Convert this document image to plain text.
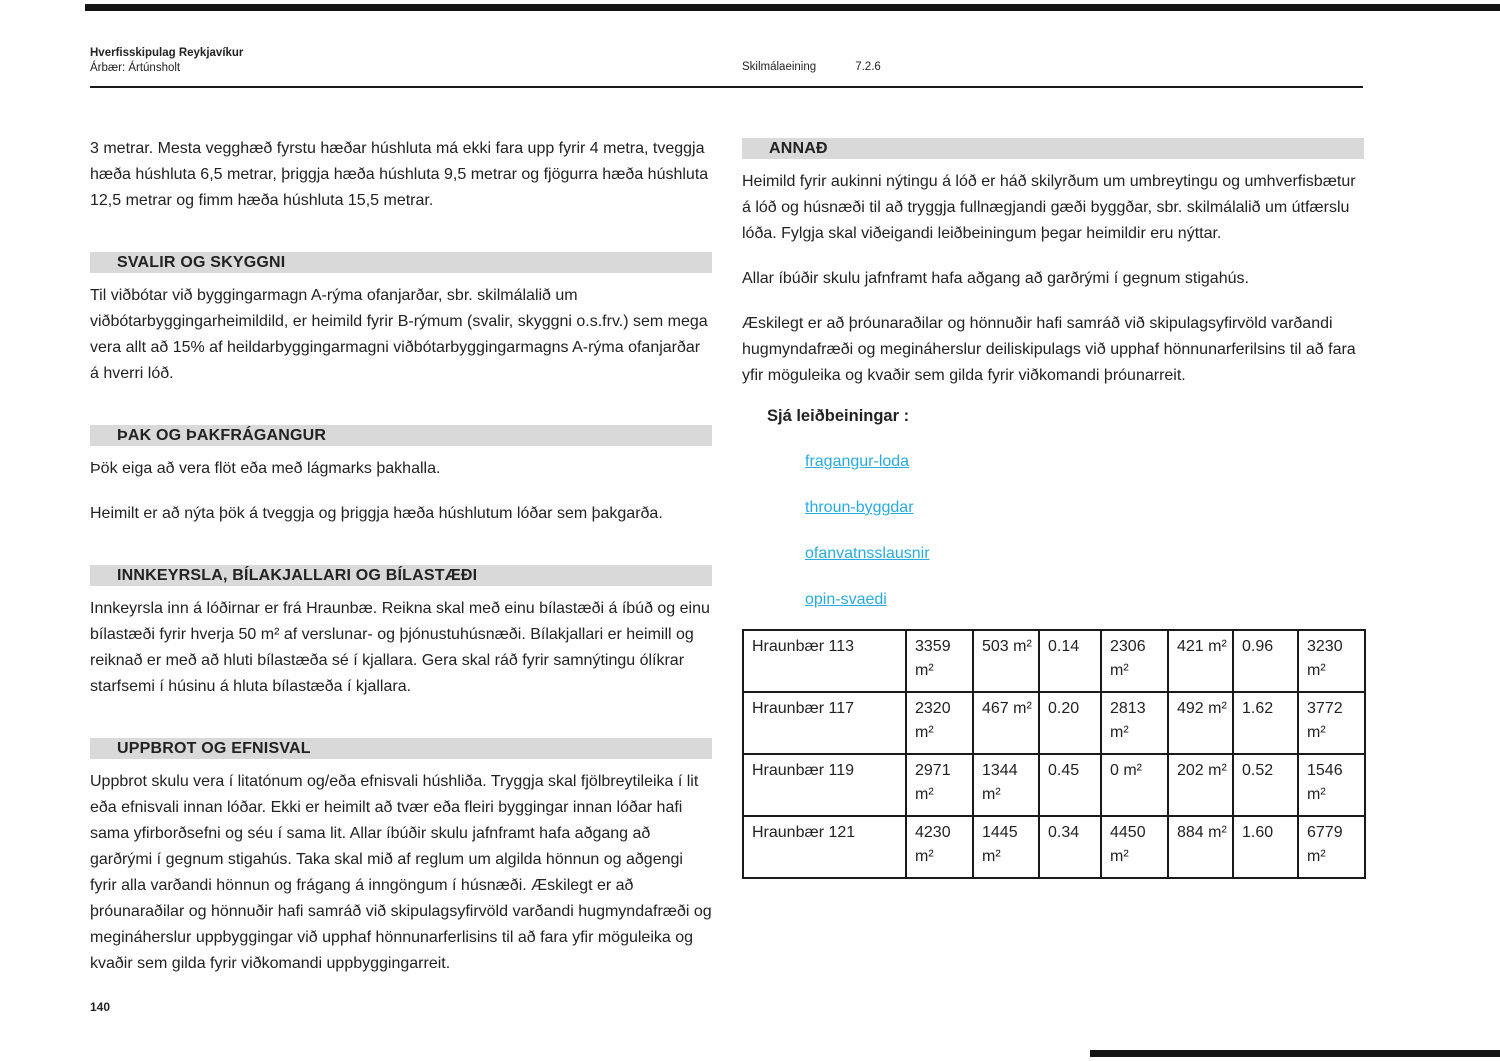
Hverfisskipulag Reykjavíkur
Árbær: Ártúnsholt	Skilmálaeining	7.2.6

3 metrar. Mesta vegghæð fyrstu hæðar húshluta má ekki fara upp fyrir 4 metra, tveggja hæða húshluta 6,5 metrar, þriggja hæða húshluta 9,5 metrar og fjögurra hæða húshluta 12,5 metrar og fimm hæða húshluta 15,5 metrar.

SVALIR OG SKYGGNI

Til viðbótar við byggingarmagn A-rýma ofanjarðar, sbr. skilmálalið um viðbótarbyggingarheimildild, er heimild fyrir B-rýmum (svalir, skyggni o.s.frv.) sem mega vera allt að 15% af heildarbyggingarmagni viðbótarbyggingarmagns A-rýma ofanjarðar á hverri lóð.

ÞAK OG ÞAKFRÁGANGUR

Þök eiga að vera flöt eða með lágmarks þakhalla.

Heimilt er að nýta þök á tveggja og þriggja hæða húshlutum lóðar sem þakgarða.

INNKEYRSLA, BÍLAKJALLARI OG BÍLASTÆÐI

Innkeyrsla inn á lóðirnar er frá Hraunbæ. Reikna skal með einu bílastæði á íbúð og einu bílastæði fyrir hverja 50 m² af verslunar- og þjónustuhúsnæði. Bílakjallari er heimill og reiknað er með að hluti bílastæða sé í kjallara. Gera skal ráð fyrir samnýtingu ólíkrar starfsemi í húsinu á hluta bílastæða í kjallara.

UPPBROT OG EFNISVAL

Uppbrot skulu vera í litatónum og/eða efnisvali húshliða. Tryggja skal fjölbreytileika í lit eða efnisvali innan lóðar. Ekki er heimilt að tvær eða fleiri byggingar innan lóðar hafi sama yfirborðsefni og séu í sama lit. Allar íbúðir skulu jafnframt hafa aðgang að garðrými í gegnum stigahús. Taka skal mið af reglum um algilda hönnun og aðgengi fyrir alla varðandi hönnun og frágang á inngöngum í húsnæði. Æskilegt er að þróunaraðilar og hönnuðir hafi samráð við skipulagsyfirvöld varðandi hugmyndafræði og megináherslur uppbyggingar við upphaf hönnunarferlisins til að fara yfir möguleika og kvaðir sem gilda fyrir viðkomandi uppbyggingarreit.

ANNAÐ

Heimild fyrir aukinni nýtingu á lóð er háð skilyrðum um umbreytingu og umhverfisbætur á lóð og húsnæði til að tryggja fullnægjandi gæði byggðar, sbr. skilmálalið um útfærslu lóða. Fylgja skal viðeigandi leiðbeiningum þegar heimildir eru nýttar.

Allar íbúðir skulu jafnframt hafa aðgang að garðrými í gegnum stigahús.

Æskilegt er að þróunaraðilar og hönnuðir hafi samráð við skipulagsyfirvöld varðandi hugmyndafræði og megináherslur deiliskipulags við upphaf hönnunarferilsins til að fara yfir möguleika og kvaðir sem gilda fyrir viðkomandi þróunarreit.

Sjá leiðbeiningar :
fragangur-loda
throun-byggdar
ofanvatnsslausnir
opin-svaedi
Hraunbær 113	3359 m²	503 m²	0.14	2306 m²	421 m²	0.96	3230 m²
Hraunbær 117	2320 m²	467 m²	0.20	2813 m²	492 m²	1.62	3772 m²
Hraunbær 119	2971 m²	1344 m²	0.45	0 m²	202 m²	0.52	1546 m²
Hraunbær 121	4230 m²	1445 m²	0.34	4450 m²	884 m²	1.60	6779 m²
140
